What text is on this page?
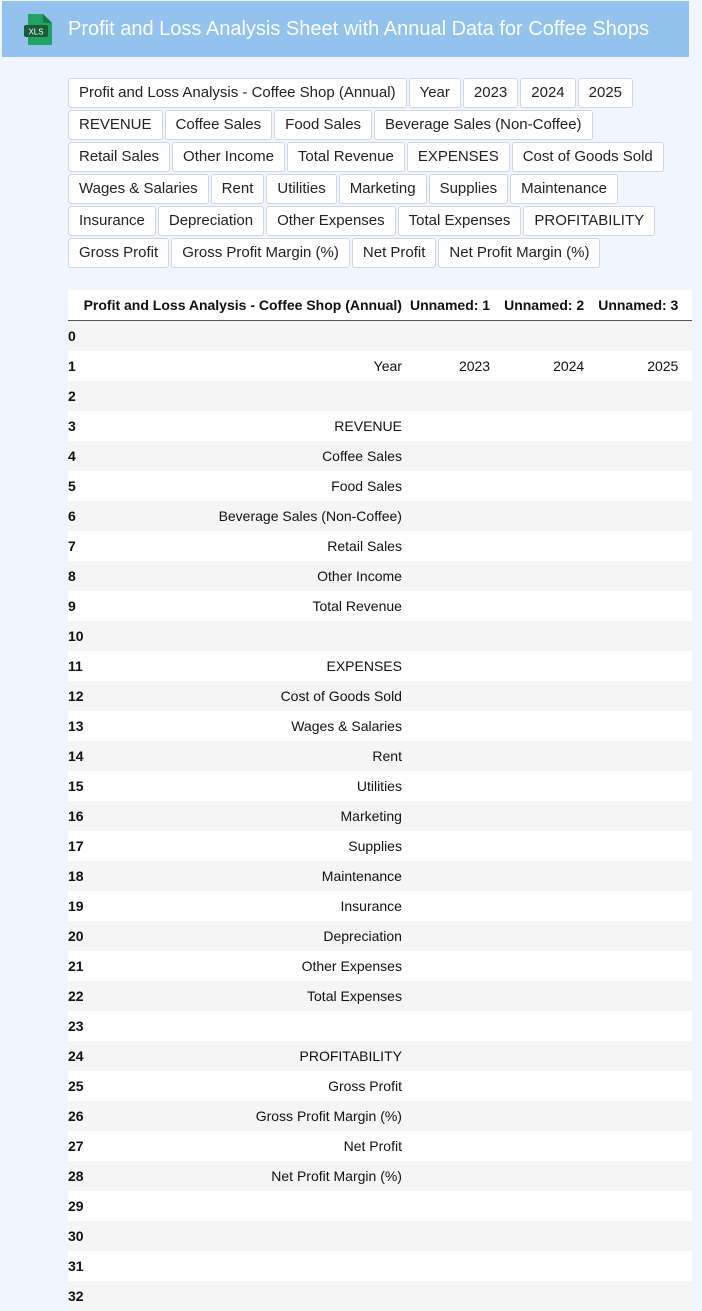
XLS Profit and Loss Analysis Sheet with Annual Data for Coffee Shops
Profit and Loss Analysis - Coffee Shop (Annual)	Year	2023	2024	2025
REVENUE	Coffee Sales	Food Sales	Beverage Sales (Non-Coffee)
Retail Sales	Other Income	Total Revenue	EXPENSES	Cost of Goods Sold
Wages & Salaries	Rent	Utilities	Marketing	Supplies	Maintenance
Insurance	Depreciation	Other Expenses	Total Expenses	PROFITABILITY
Gross Profit	Gross Profit Margin (%)	Net Profit	Net Profit Margin (%)
	Profit and Loss Analysis - Coffee Shop (Annual)	Unnamed: 1	Unnamed: 2	Unnamed: 3
0				
1	Year	2023	2024	2025
2				
3	REVENUE			
4	Coffee Sales			
5	Food Sales			
6	Beverage Sales (Non-Coffee)			
7	Retail Sales			
8	Other Income			
9	Total Revenue			
10				
11	EXPENSES			
12	Cost of Goods Sold			
13	Wages & Salaries			
14	Rent			
15	Utilities			
16	Marketing			
17	Supplies			
18	Maintenance			
19	Insurance			
20	Depreciation			
21	Other Expenses			
22	Total Expenses			
23				
24	PROFITABILITY			
25	Gross Profit			
26	Gross Profit Margin (%)			
27	Net Profit			
28	Net Profit Margin (%)			
29				
30				
31				
32				
